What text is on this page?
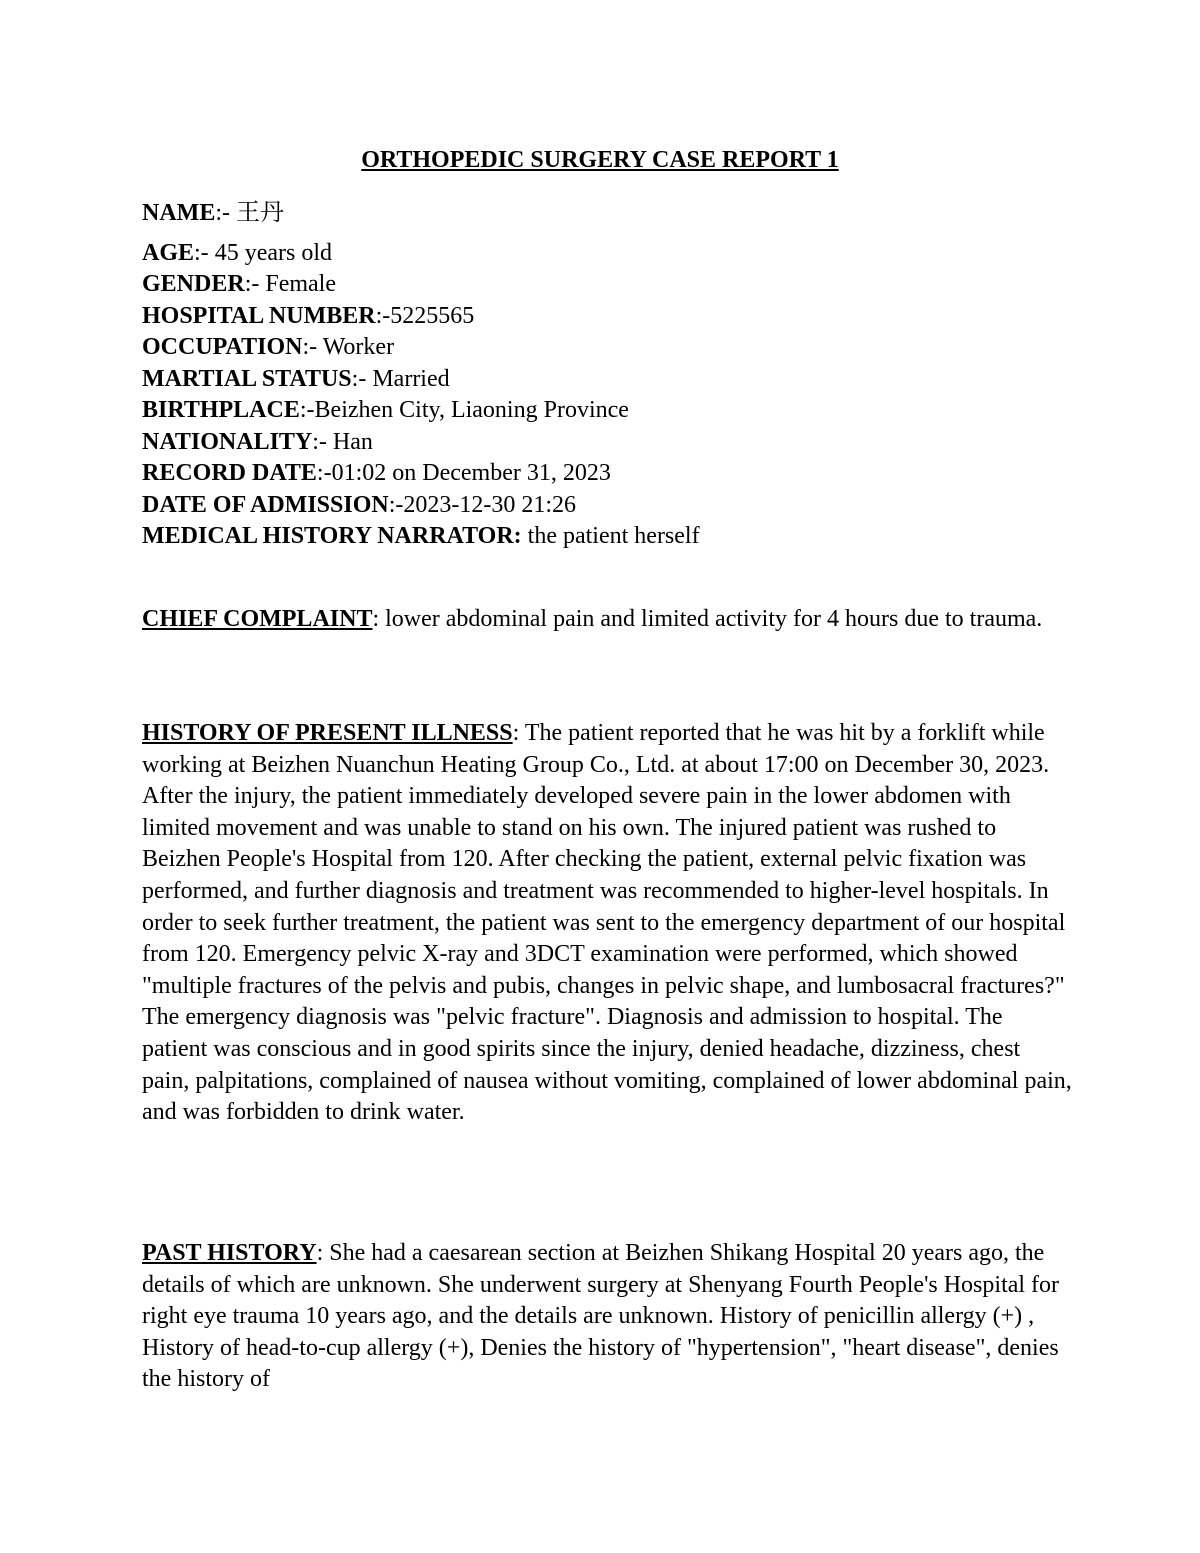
ORTHOPEDIC SURGERY CASE REPORT 1
NAME:- 王丹
AGE:- 45 years old
GENDER:- Female
HOSPITAL NUMBER:-5225565
OCCUPATION:- Worker
MARTIAL STATUS:- Married
BIRTHPLACE:-Beizhen City, Liaoning Province
NATIONALITY:- Han
RECORD DATE:-01:02 on December 31, 2023
DATE OF ADMISSION:-2023-12-30 21:26
MEDICAL HISTORY NARRATOR: the patient herself
CHIEF COMPLAINT: lower abdominal pain and limited activity for 4 hours due to trauma.
HISTORY OF PRESENT ILLNESS: The patient reported that he was hit by a forklift while working at Beizhen Nuanchun Heating Group Co., Ltd. at about 17:00 on December 30, 2023. After the injury, the patient immediately developed severe pain in the lower abdomen with limited movement and was unable to stand on his own. The injured patient was rushed to Beizhen People's Hospital from 120. After checking the patient, external pelvic fixation was performed, and further diagnosis and treatment was recommended to higher-level hospitals. In order to seek further treatment, the patient was sent to the emergency department of our hospital from 120. Emergency pelvic X-ray and 3DCT examination were performed, which showed "multiple fractures of the pelvis and pubis, changes in pelvic shape, and lumbosacral fractures?" The emergency diagnosis was "pelvic fracture". Diagnosis and admission to hospital. The patient was conscious and in good spirits since the injury, denied headache, dizziness, chest pain, palpitations, complained of nausea without vomiting, complained of lower abdominal pain, and was forbidden to drink water.
PAST HISTORY: She had a caesarean section at Beizhen Shikang Hospital 20 years ago, the details of which are unknown. She underwent surgery at Shenyang Fourth People's Hospital for right eye trauma 10 years ago, and the details are unknown. History of penicillin allergy (+) , History of head-to-cup allergy (+), Denies the history of "hypertension", "heart disease", denies the history of
